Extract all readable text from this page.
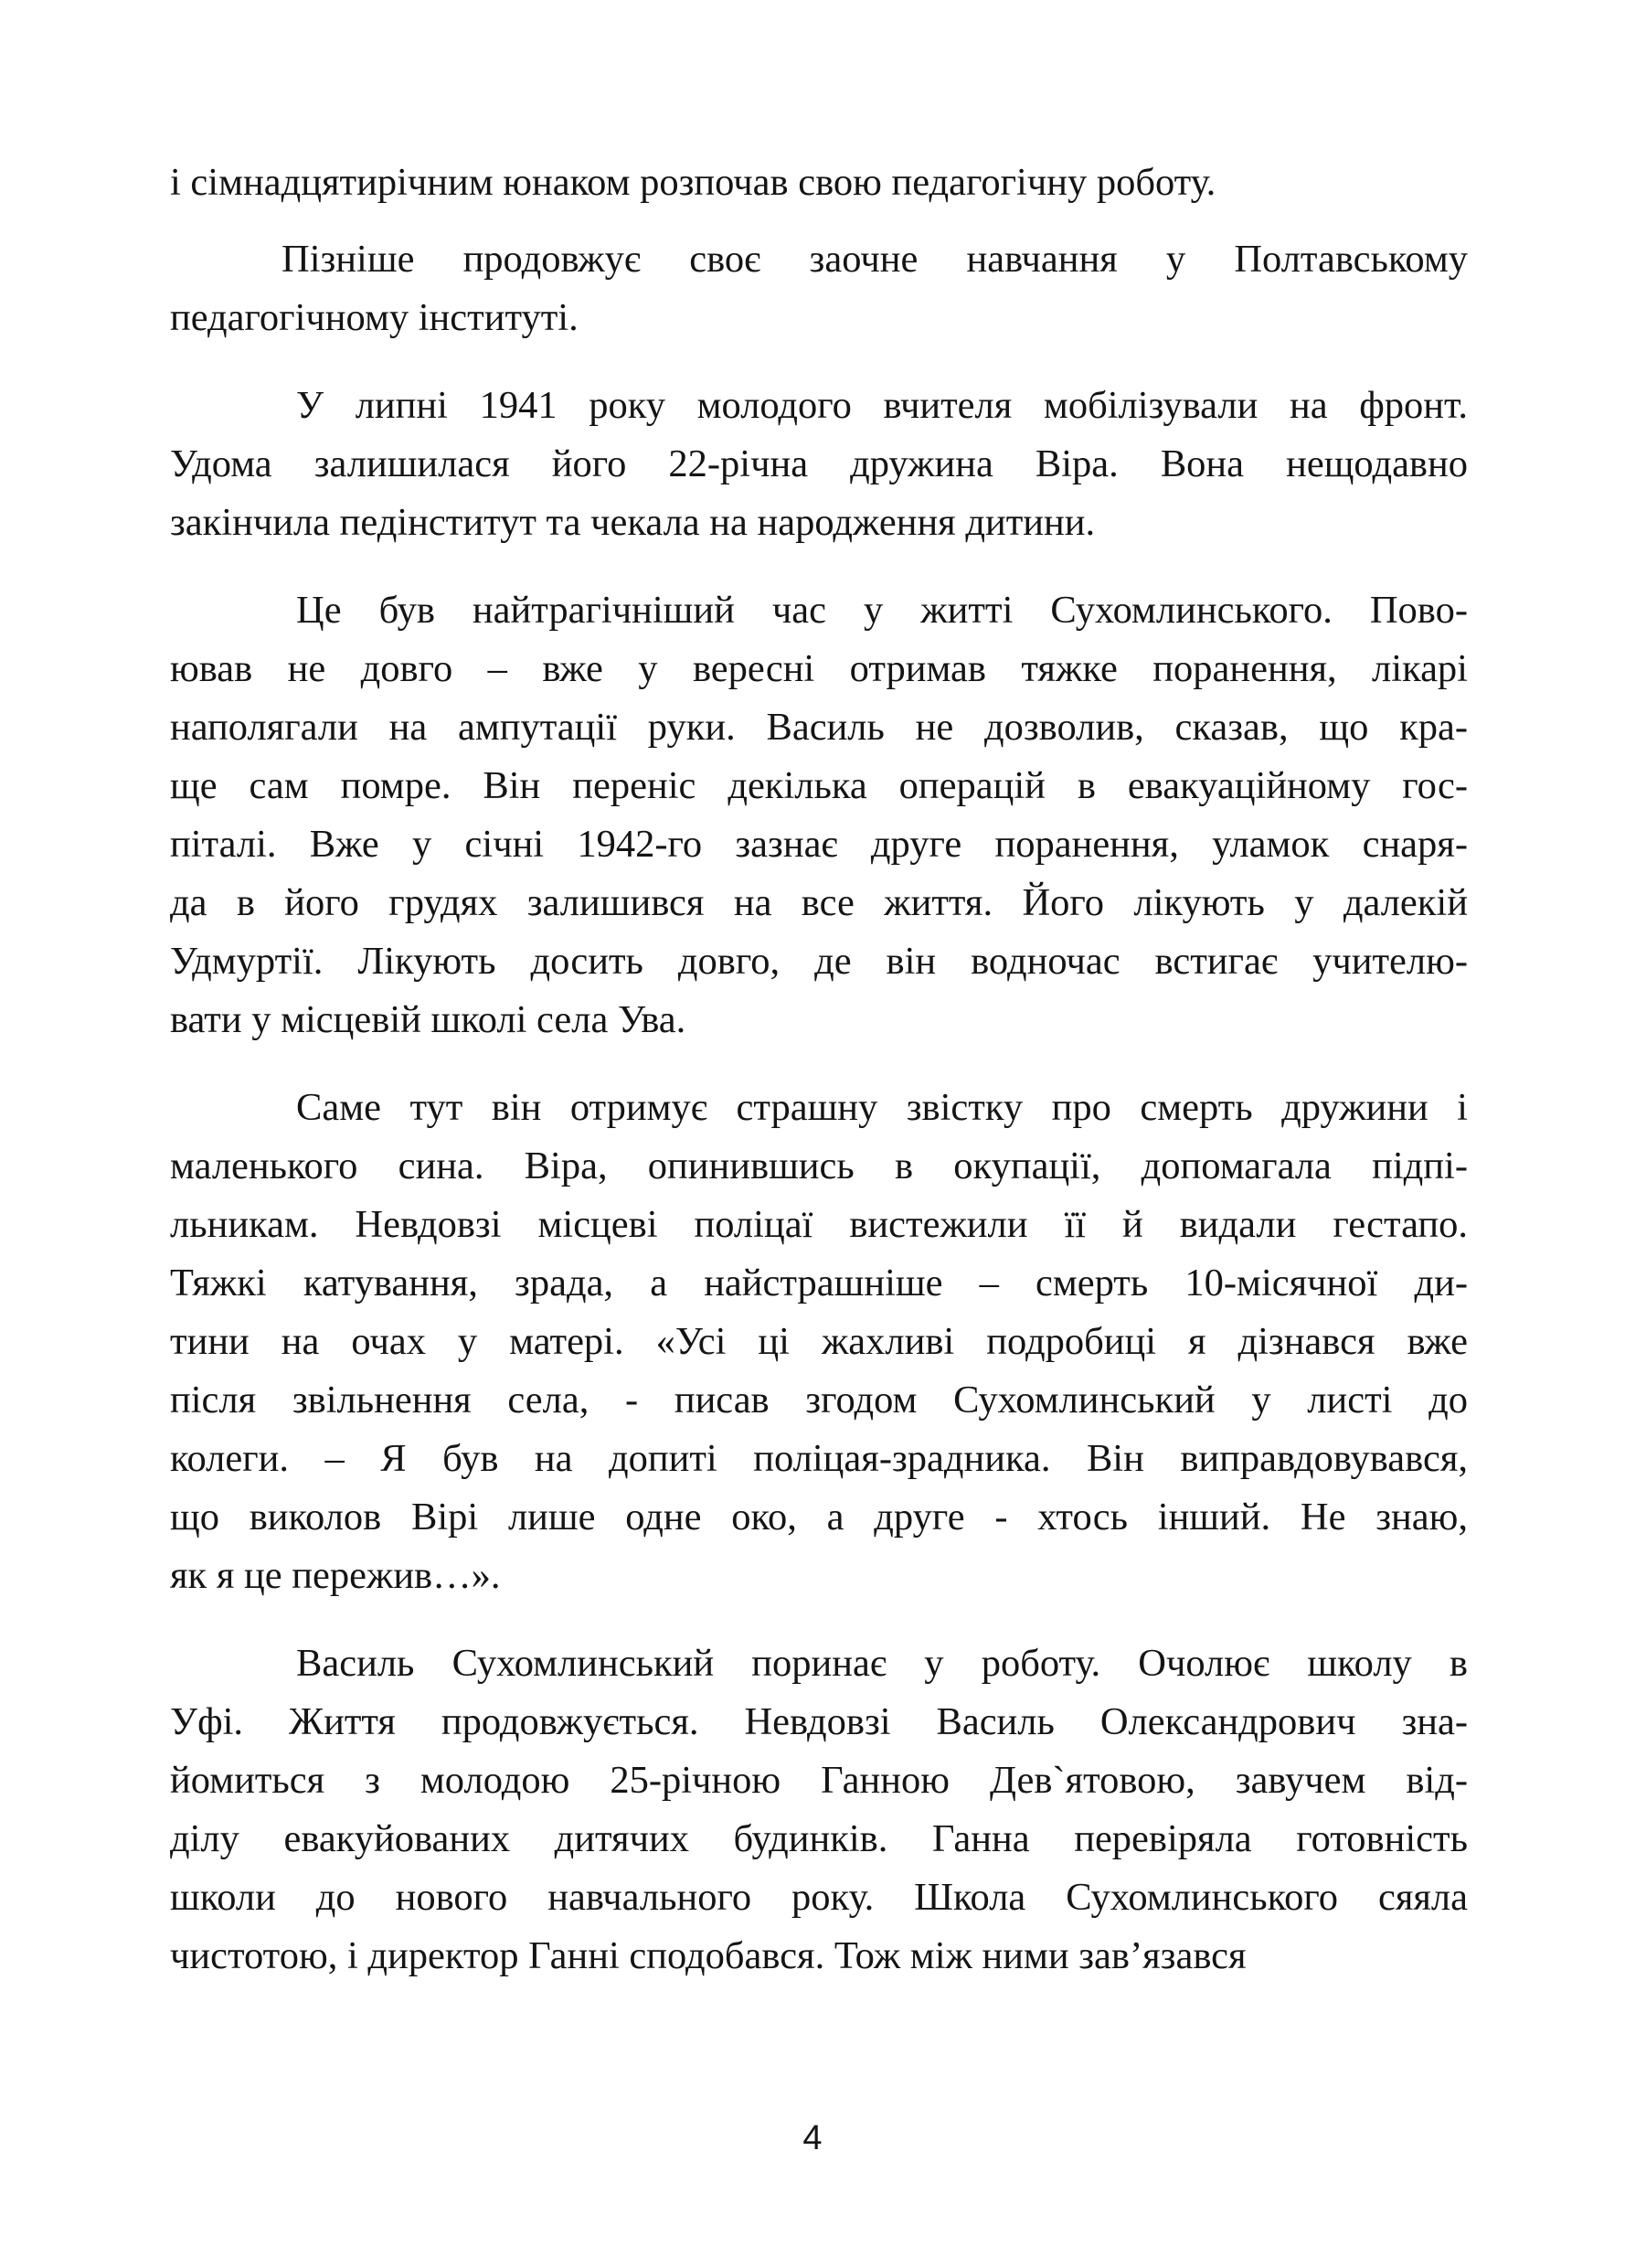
і сімнадцятирічним юнаком розпочав свою педагогічну роботу.

Пізніше продовжує своє заочне навчання у Полтавському
педагогічному інституті.

У липні 1941 року молодого вчителя мобілізували на фронт.
Удома залишилася його 22-річна дружина Віра. Вона нещодавно
закінчила педінститут та чекала на народження дитини.

Це був найтрагічніший час у житті Сухомлинського. Пово-
ював не довго – вже у вересні отримав тяжке поранення, лікарі
наполягали на ампутації руки. Василь не дозволив, сказав, що кра-
ще сам помре. Він переніс декілька операцій в евакуаційному гос-
піталі. Вже у січні 1942-го зазнає друге поранення, уламок снаря-
да в його грудях залишився на все життя. Його лікують у далекій
Удмуртії. Лікують досить довго, де він водночас встигає учителю-
вати у місцевій школі села Ува.

Саме тут він отримує страшну звістку про смерть дружини і
маленького сина. Віра, опинившись в окупації, допомагала підпі-
льникам. Невдовзі місцеві поліцаї вистежили її й видали гестапо.
Тяжкі катування, зрада, а найстрашніше – смерть 10-місячної ди-
тини на очах у матері. «Усі ці жахливі подробиці я дізнався вже
після звільнення села, - писав згодом Сухомлинський у листі до
колеги. – Я був на допиті поліцая-зрадника. Він виправдовувався,
що виколов Вірі лише одне око, а друге - хтось інший. Не знаю,
як я це пережив…».

Василь Сухомлинський поринає у роботу. Очолює школу в
Уфі. Життя продовжується. Невдовзі Василь Олександрович зна-
йомиться з молодою 25-річною Ганною Дев`ятовою, завучем від-
ділу евакуйованих дитячих будинків. Ганна перевіряла готовність
школи до нового навчального року. Школа Сухомлинського сяяла
чистотою, і директор Ганні сподобався. Тож між ними зав’язався

4
